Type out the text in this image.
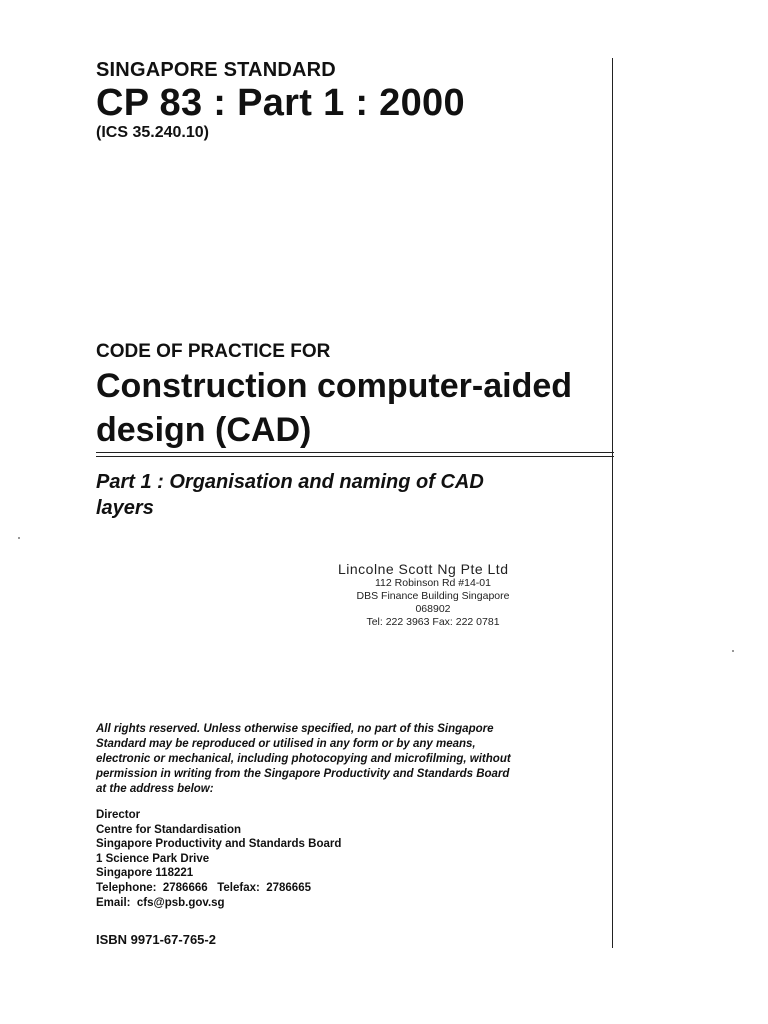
SINGAPORE STANDARD
CP 83 : Part 1 : 2000
(ICS 35.240.10)
CODE OF PRACTICE FOR
Construction computer-aided
design (CAD)
Part 1 : Organisation and naming of CAD
layers
Lincolne Scott Ng Pte Ltd
112 Robinson Rd #14-01
DBS Finance Building Singapore 068902
Tel: 222 3963 Fax: 222 0781
All rights reserved. Unless otherwise specified, no part of this Singapore
Standard may be reproduced or utilised in any form or by any means,
electronic or mechanical, including photocopying and microfilming, without
permission in writing from the Singapore Productivity and Standards Board
at the address below:
Director
Centre for Standardisation
Singapore Productivity and Standards Board
1 Science Park Drive
Singapore 118221
Telephone:  2786666   Telefax:  2786665
Email:  cfs@psb.gov.sg
ISBN 9971-67-765-2
